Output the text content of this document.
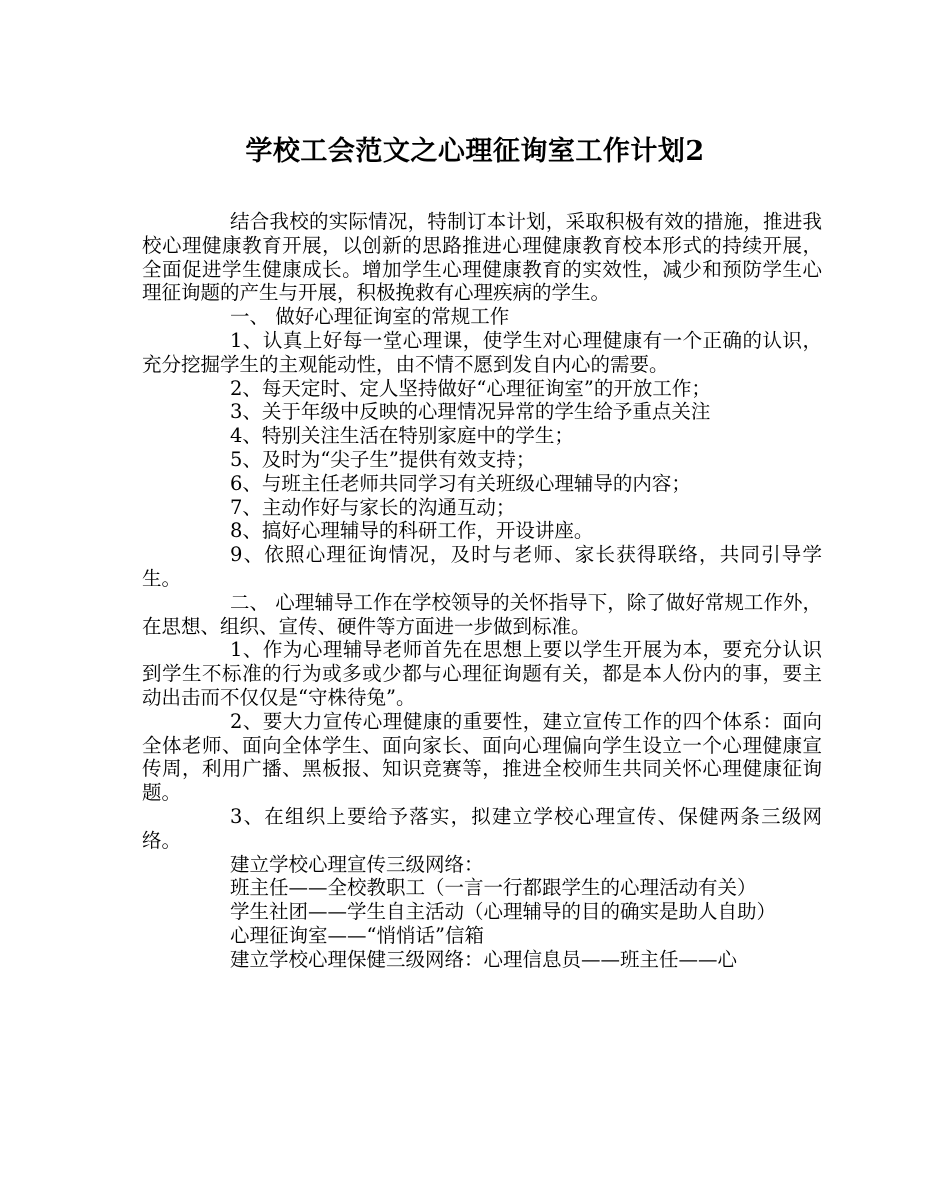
学校工会范文之心理征询室工作计划2

结合我校的实际情况，特制订本计划，采取积极有效的措施，推进我校心理健康教育开展，以创新的思路推进心理健康教育校本形式的持续开展，全面促进学生健康成长。增加学生心理健康教育的实效性，减少和预防学生心理征询题的产生与开展，积极挽救有心理疾病的学生。

一、 做好心理征询室的常规工作

1、认真上好每一堂心理课，使学生对心理健康有一个正确的认识，充分挖掘学生的主观能动性，由不情不愿到发自内心的需要。

2、每天定时、定人坚持做好“心理征询室”的开放工作；

3、关于年级中反映的心理情况异常的学生给予重点关注

4、特别关注生活在特别家庭中的学生；

5、及时为“尖子生”提供有效支持；

6、与班主任老师共同学习有关班级心理辅导的内容；

7、主动作好与家长的沟通互动；

8、搞好心理辅导的科研工作，开设讲座。

9、依照心理征询情况，及时与老师、家长获得联络，共同引导学生。

二、 心理辅导工作在学校领导的关怀指导下，除了做好常规工作外，在思想、组织、宣传、硬件等方面进一步做到标准。

1、作为心理辅导老师首先在思想上要以学生开展为本，要充分认识到学生不标准的行为或多或少都与心理征询题有关，都是本人份内的事，要主动出击而不仅仅是“守株待兔”。

2、要大力宣传心理健康的重要性，建立宣传工作的四个体系：面向全体老师、面向全体学生、面向家长、面向心理偏向学生设立一个心理健康宣传周，利用广播、黑板报、知识竞赛等，推进全校师生共同关怀心理健康征询题。

3、在组织上要给予落实，拟建立学校心理宣传、保健两条三级网络。

建立学校心理宣传三级网络：

班主任——全校教职工（一言一行都跟学生的心理活动有关）

学生社团——学生自主活动（心理辅导的目的确实是助人自助）

心理征询室——“悄悄话”信箱

建立学校心理保健三级网络：心理信息员——班主任——心
